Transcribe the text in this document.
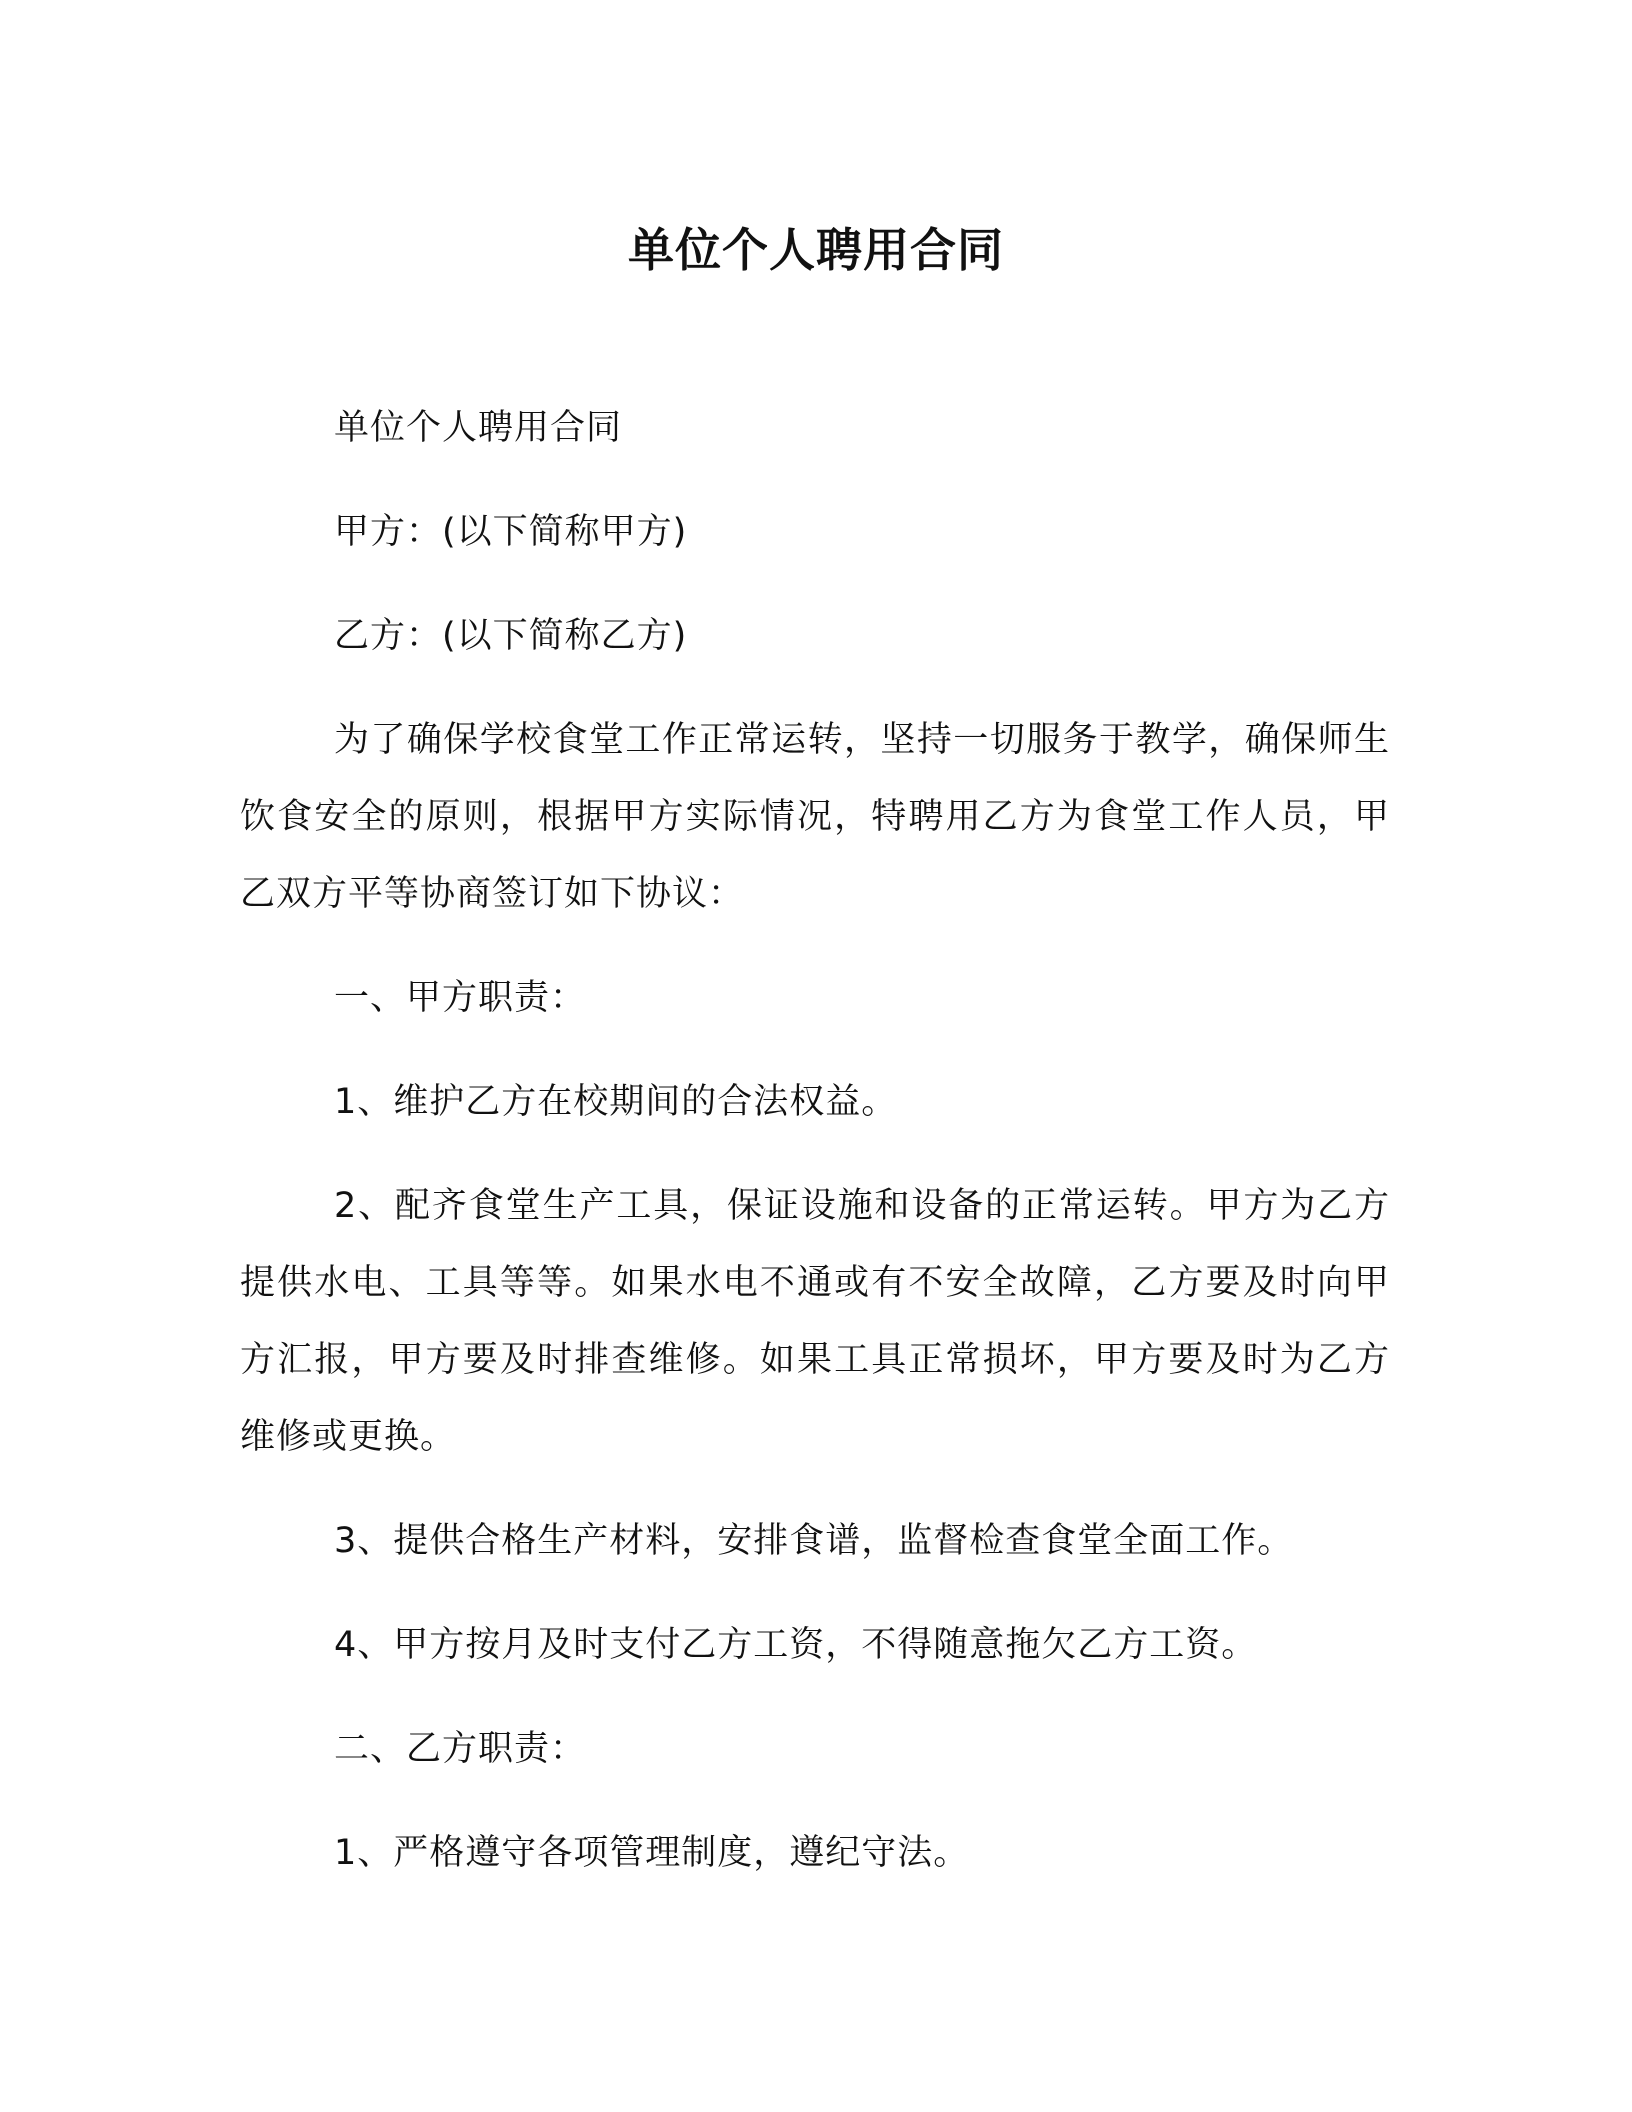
单位个人聘用合同

单位个人聘用合同

甲方：(以下简称甲方)

乙方：(以下简称乙方)

为了确保学校食堂工作正常运转，坚持一切服务于教学，确保师生饮食安全的原则，根据甲方实际情况，特聘用乙方为食堂工作人员，甲乙双方平等协商签订如下协议：

一、甲方职责：

1、维护乙方在校期间的合法权益。

2、配齐食堂生产工具，保证设施和设备的正常运转。甲方为乙方提供水电、工具等等。如果水电不通或有不安全故障，乙方要及时向甲方汇报，甲方要及时排查维修。如果工具正常损坏，甲方要及时为乙方维修或更换。

3、提供合格生产材料，安排食谱，监督检查食堂全面工作。

4、甲方按月及时支付乙方工资，不得随意拖欠乙方工资。

二、乙方职责：

1、严格遵守各项管理制度，遵纪守法。
